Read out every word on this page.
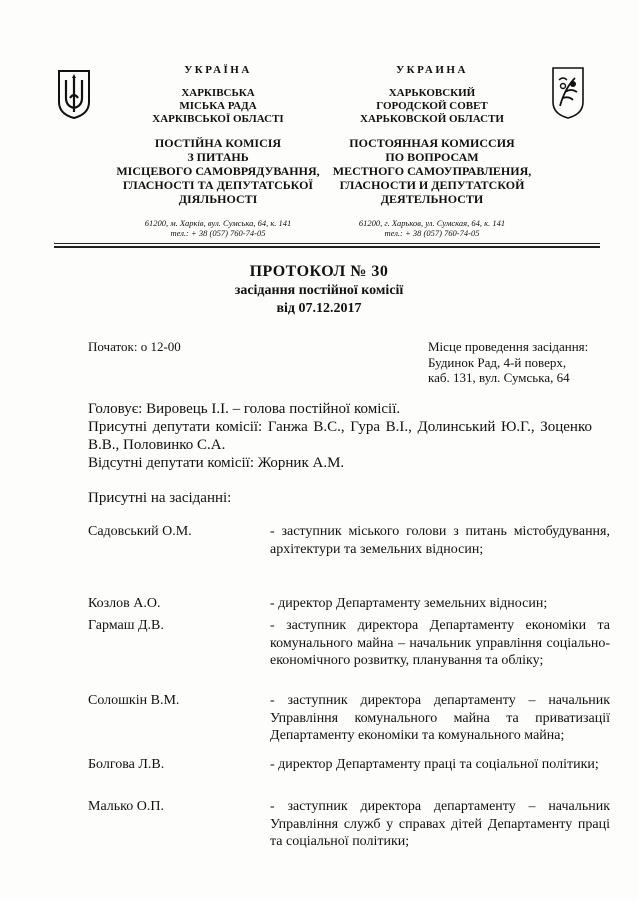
УКРАЇНА
ХАРКІВСЬКА
МІСЬКА РАДА
ХАРКІВСЬКОЇ ОБЛАСТІ
ПОСТІЙНА КОМІСІЯ
З ПИТАНЬ
МІСЦЕВОГО САМОВРЯДУВАННЯ,
ГЛАСНОСТІ ТА ДЕПУТАТСЬКОЇ
ДІЯЛЬНОСТІ
61200, м. Харків, вул. Сумська, 64, к. 141
тел.: + 38 (057) 760-74-05
УКРАИНА
ХАРЬКОВСКИЙ
ГОРОДСКОЙ СОВЕТ
ХАРЬКОВСКОЙ ОБЛАСТИ
ПОСТОЯННАЯ КОМИССИЯ
ПО ВОПРОСАМ
МЕСТНОГО САМОУПРАВЛЕНИЯ,
ГЛАСНОСТИ И ДЕПУТАТСКОЙ
ДЕЯТЕЛЬНОСТИ
61200, г. Харьков, ул. Сумская, 64, к. 141
тел.: + 38 (057) 760-74-05
ПРОТОКОЛ № 30
засідання постійної комісії
від 07.12.2017
Початок: о 12-00	Місце проведення засідання:
Будинок Рад, 4-й поверх,
каб. 131, вул. Сумська, 64
Головує: Вировець І.І. – голова постійної комісії.
Присутні депутати комісії: Ганжа В.С., Гура В.І., Долинський Ю.Г., Зоценко В.В., Половинко С.А.
Відсутні депутати комісії: Жорник А.М.
Присутні на засіданні:
Садовський О.М.	- заступник міського голови з питань містобудування, архітектури та земельних відносин;
Козлов А.О.	- директор Департаменту земельних відносин;
Гармаш Д.В.	- заступник директора Департаменту економіки та комунального майна – начальник управління соціально-економічного розвитку, планування та обліку;
Солошкін В.М.	- заступник директора департаменту – начальник Управління комунального майна та приватизації Департаменту економіки та комунального майна;
Болгова Л.В.	- директор Департаменту праці та соціальної політики;
Малько О.П.	- заступник директора департаменту – начальник Управління служб у справах дітей Департаменту праці та соціальної політики;
